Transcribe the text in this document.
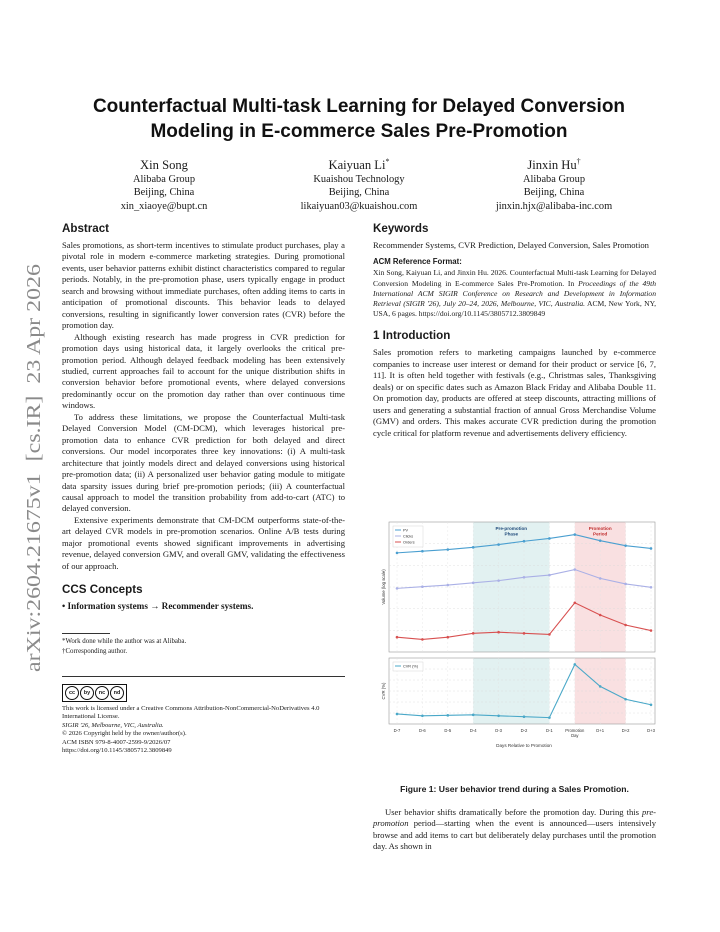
arXiv:2604.21675v1  [cs.IR]  23 Apr 2026
Counterfactual Multi-task Learning for Delayed Conversion
Modeling in E-commerce Sales Pre-Promotion
Xin Song
Alibaba Group
Beijing, China
xin_xiaoye@bupt.cn
Kaiyuan Li*
Kuaishou Technology
Beijing, China
likaiyuan03@kuaishou.com
Jinxin Hu†
Alibaba Group
Beijing, China
jinxin.hjx@alibaba-inc.com
Abstract

Sales promotions, as short-term incentives to stimulate product purchases, play a pivotal role in modern e-commerce marketing strategies. During promotional events, user behavior patterns exhibit distinct characteristics compared to regular periods. Notably, in the pre-promotion phase, users typically engage in product search and browsing without immediate purchases, often adding items to carts in anticipation of promotional discounts. This behavior leads to delayed conversions, resulting in significantly lower conversion rates (CVR) before the promotion day.

Although existing research has made progress in CVR prediction for promotion days using historical data, it largely overlooks the critical pre-promotion period. Although delayed feedback modeling has been extensively studied, current approaches fail to account for the unique distribution shifts in conversion behavior before promotional events, where delayed conversions predominantly occur on the promotion day rather than over continuous time windows.

To address these limitations, we propose the Counterfactual Multi-task Delayed Conversion Model (CM-DCM), which leverages historical pre-promotion data to enhance CVR prediction for both delayed and direct conversions. Our model incorporates three key innovations: (i) A multi-task architecture that jointly models direct and delayed conversions using historical pre-promotion data; (ii) A personalized user behavior gating module to mitigate data sparsity issues during brief pre-promotion periods; (iii) A counterfactual causal approach to model the transition probability from add-to-cart (ATC) to delayed conversion.

Extensive experiments demonstrate that CM-DCM outperforms state-of-the-art delayed CVR models in pre-promotion scenarios. Online A/B tests during major promotional events showed significant improvements in advertising revenue, delayed conversion GMV, and overall GMV, validating the effectiveness of our approach.

CCS Concepts
• Information systems → Recommender systems.

*Work done while the author was at Alibaba.

†Corresponding author.

cc	by	nc	nd

This work is licensed under a Creative Commons Attribution-NonCommercial-NoDerivatives 4.0 International License.

SIGIR '26, Melbourne, VIC, Australia.

© 2026 Copyright held by the owner/author(s).

ACM ISBN 979-8-4007-2599-9/2026/07

https://doi.org/10.1145/3805712.3809849

Keywords

Recommender Systems, CVR Prediction, Delayed Conversion, Sales Promotion

ACM Reference Format:

Xin Song, Kaiyuan Li, and Jinxin Hu. 2026. Counterfactual Multi-task Learning for Delayed Conversion Modeling in E-commerce Sales Pre-Promotion. In Proceedings of the 49th International ACM SIGIR Conference on Research and Development in Information Retrieval (SIGIR '26), July 20–24, 2026, Melbourne, VIC, Australia. ACM, New York, NY, USA, 6 pages. https://doi.org/10.1145/3805712.3809849

1 Introduction

Sales promotion refers to marketing campaigns launched by e-commerce companies to increase user interest or demand for their product or service [6, 7, 11]. It is often held together with festivals (e.g., Christmas sales, Thanksgiving deals) or on specific dates such as Amazon Black Friday and Alibaba Double 11. On promotion day, products are offered at steep discounts, attracting millions of users and generating a substantial fraction of annual Gross Merchandise Volume (GMV) and orders. This makes accurate CVR prediction during the promotion cycle critical for platform revenue and advertisements delivery efficiency.

PV
Clicks
Orders
Volume (log scale)
CVR (%)
CVR (%)
Pre-promotion
Phase
Promotion
Period
D-7	D-6	D-5	D-4	D-3	D-2	D-1	Promotion
Day
D+1	D+2	D+3
Days Relative to Promotion
Figure 1: User behavior trend during a Sales Promotion.

User behavior shifts dramatically before the promotion day. During this pre-promotion period—starting when the event is announced—users intensively browse and add items to cart but deliberately delay purchases until the promotion day. As shown in
